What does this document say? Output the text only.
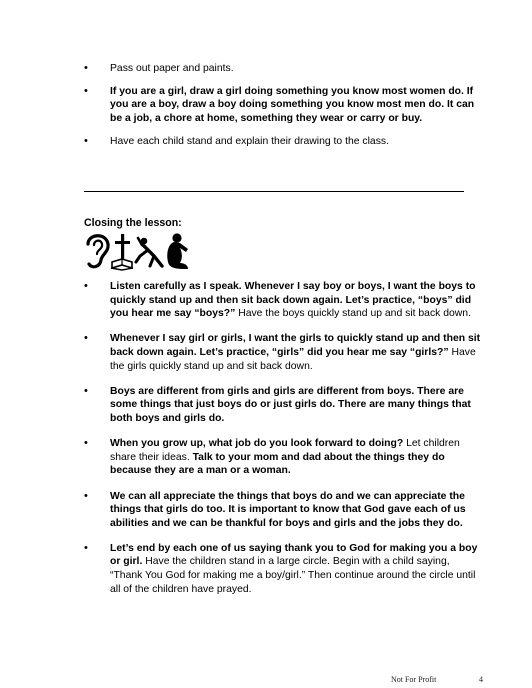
• Pass out paper and paints.
• If you are a girl, draw a girl doing something you know most women do. If you are a boy, draw a boy doing something you know most men do. It can be a job, a chore at home, something they wear or carry or buy.
• Have each child stand and explain their drawing to the class.
Closing the lesson:
• Listen carefully as I speak. Whenever I say boy or boys, I want the boys to quickly stand up and then sit back down again. Let’s practice, “boys” did you hear me say “boys?” Have the boys quickly stand up and sit back down.
• Whenever I say girl or girls, I want the girls to quickly stand up and then sit back down again. Let’s practice, “girls” did you hear me say “girls?” Have the girls quickly stand up and sit back down.
• Boys are different from girls and girls are different from boys. There are some things that just boys do or just girls do. There are many things that both boys and girls do.
• When you grow up, what job do you look forward to doing? Let children share their ideas. Talk to your mom and dad about the things they do because they are a man or a woman.
• We can all appreciate the things that boys do and we can appreciate the things that girls do too. It is important to know that God gave each of us abilities and we can be thankful for boys and girls and the jobs they do.
• Let’s end by each one of us saying thank you to God for making you a boy or girl. Have the children stand in a large circle. Begin with a child saying, “Thank You God for making me a boy/girl.” Then continue around the circle until all of the children have prayed.
Not For Profit	4
